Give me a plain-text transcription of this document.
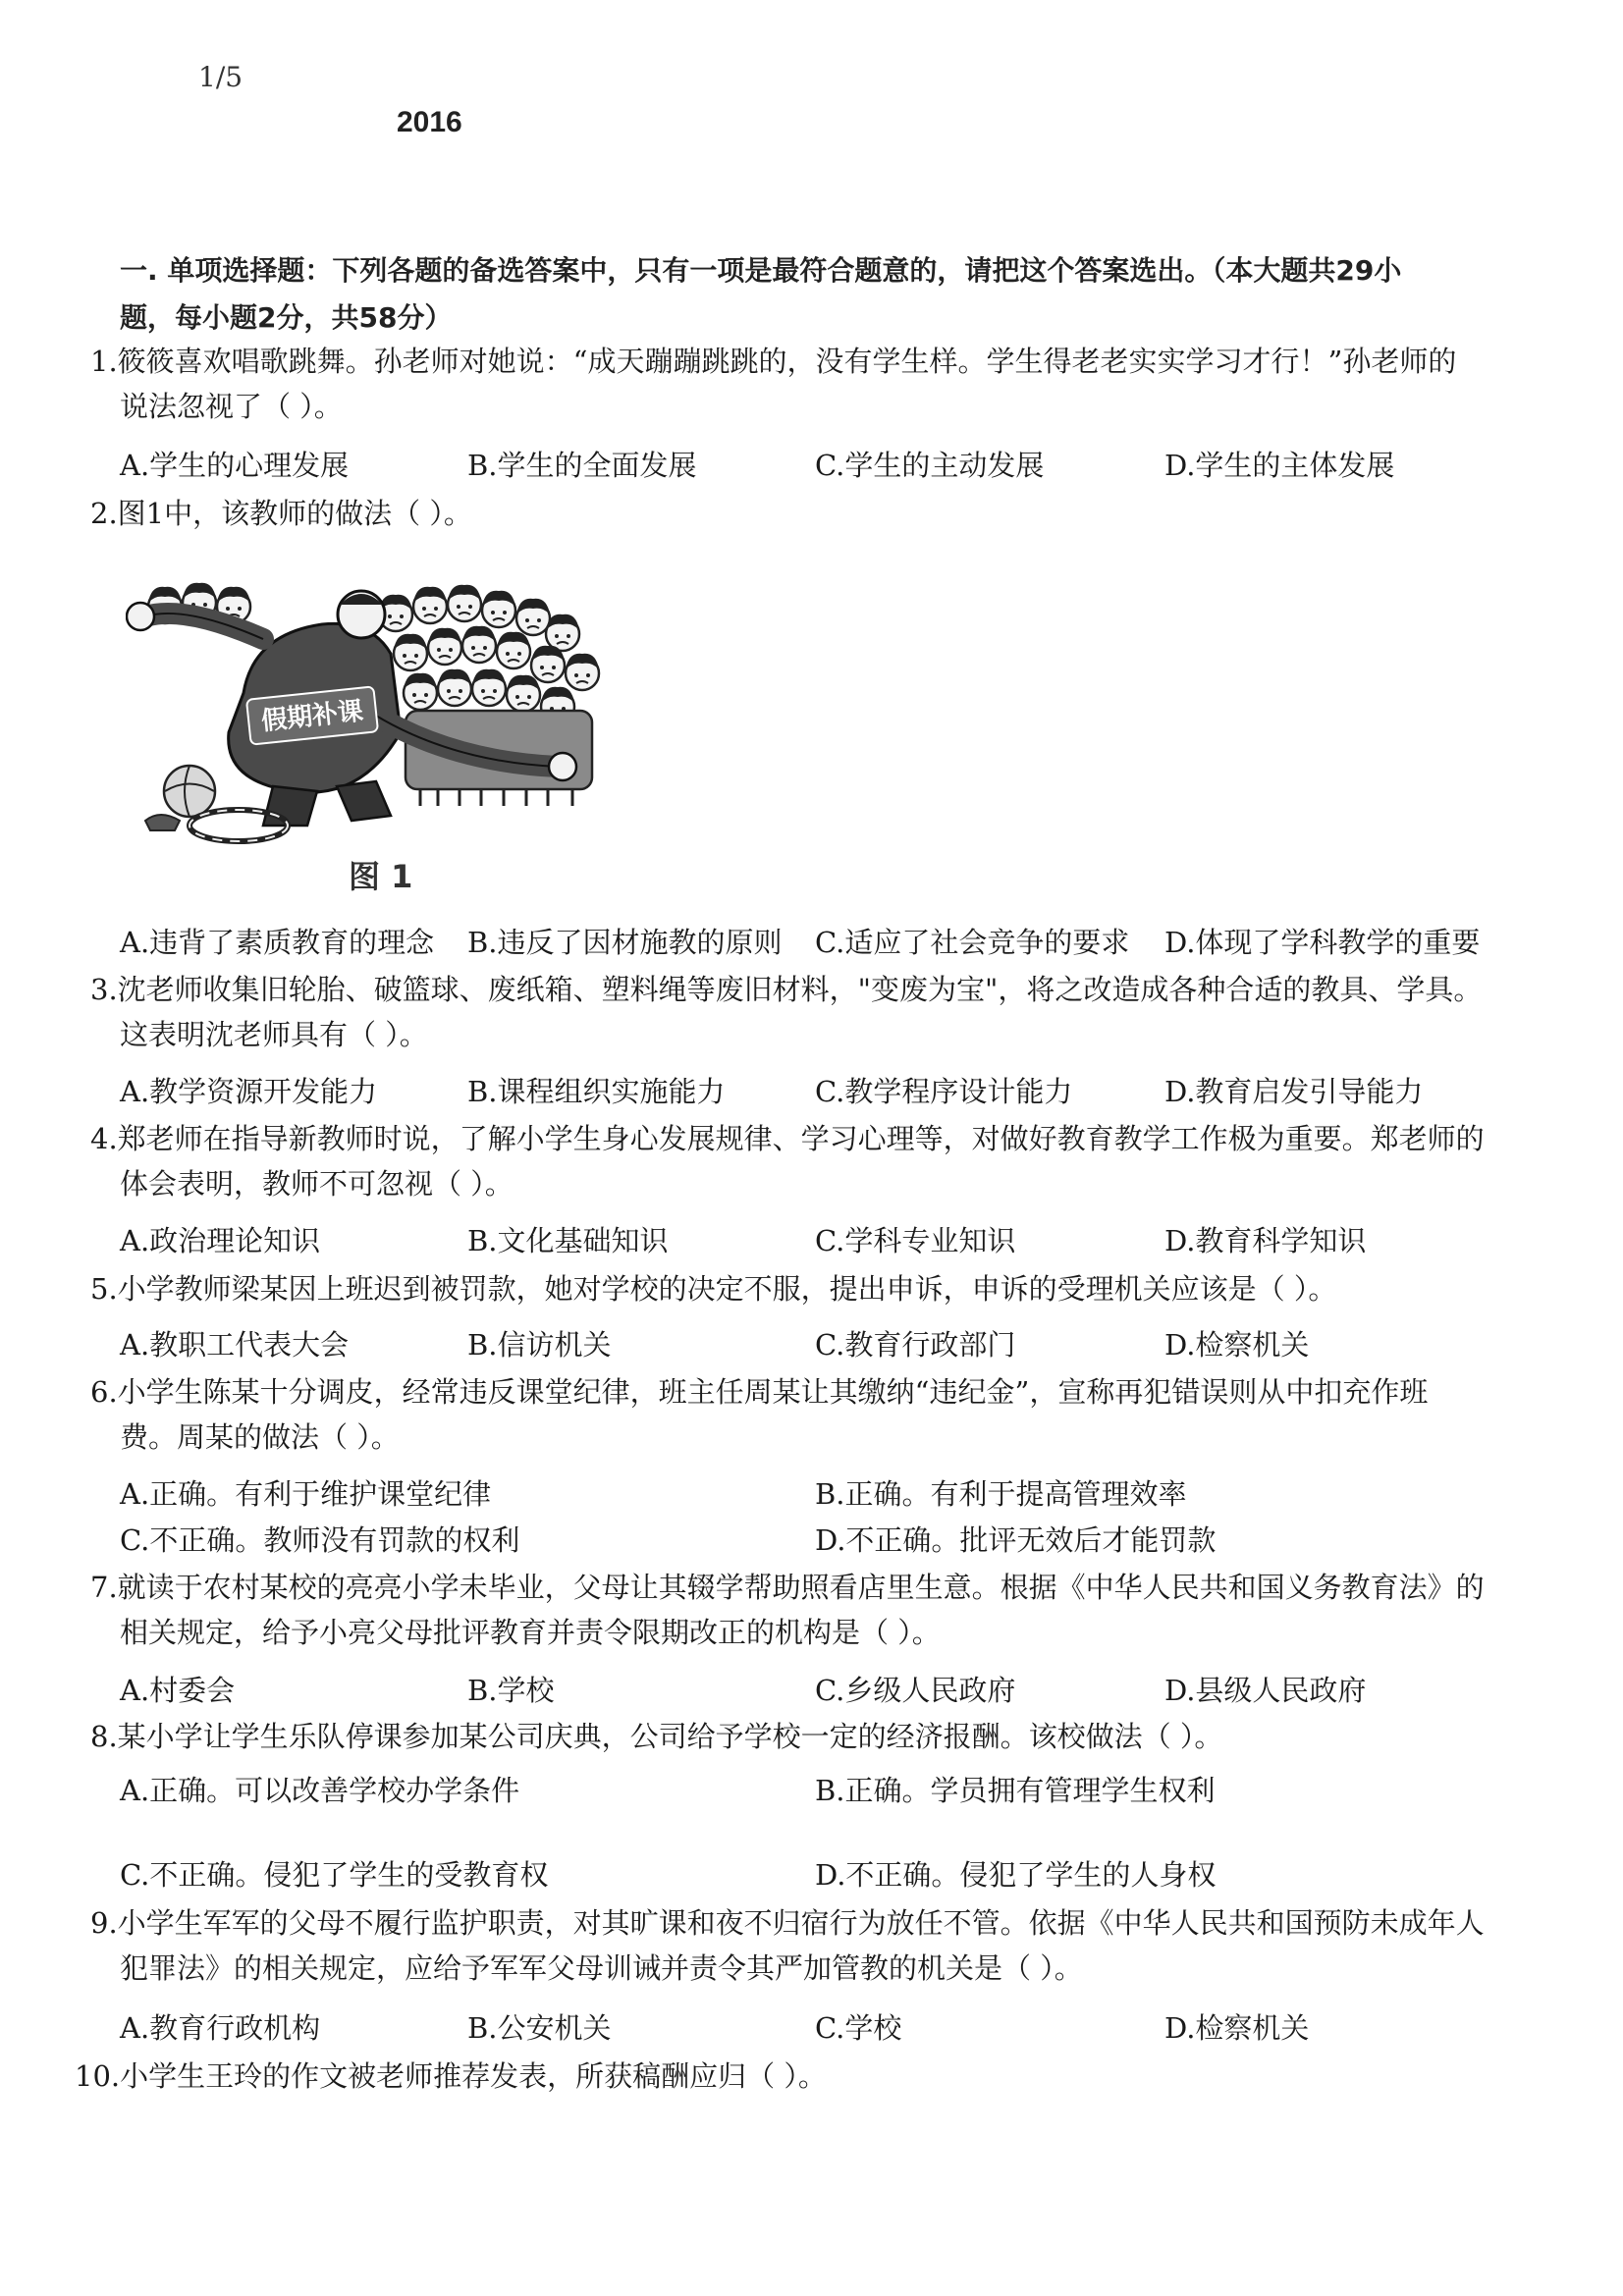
1/5
2016
一. 单项选择题：下列各题的备选答案中，只有一项是最符合题意的，请把这个答案选出。（本大题共29小
题，每小题2分，共58分）
1.筱筱喜欢唱歌跳舞。孙老师对她说：“成天蹦蹦跳跳的，没有学生样。学生得老老实实学习才行！”孙老师的
说法忽视了（ ）。
A.学生的心理发展	B.学生的全面发展	C.学生的主动发展	D.学生的主体发展
2.图1中，该教师的做法（ ）。
假期补课
图 1
A.违背了素质教育的理念 B.违反了因材施教的原则 C.适应了社会竞争的要求 D.体现了学科教学的重要
3.沈老师收集旧轮胎、破篮球、废纸箱、塑料绳等废旧材料，"变废为宝"，将之改造成各种合适的教具、学具。
这表明沈老师具有（ ）。
A.教学资源开发能力	B.课程组织实施能力	C.教学程序设计能力	D.教育启发引导能力
4.郑老师在指导新教师时说，了解小学生身心发展规律、学习心理等，对做好教育教学工作极为重要。郑老师的
体会表明，教师不可忽视（ ）。
A.政治理论知识	B.文化基础知识	C.学科专业知识	D.教育科学知识
5.小学教师梁某因上班迟到被罚款，她对学校的决定不服，提出申诉，申诉的受理机关应该是（ ）。
A.教职工代表大会	B.信访机关	C.教育行政部门	D.检察机关
6.小学生陈某十分调皮，经常违反课堂纪律，班主任周某让其缴纳“违纪金”，宣称再犯错误则从中扣充作班
费。周某的做法（ ）。
A.正确。有利于维护课堂纪律	B.正确。有利于提高管理效率
C.不正确。教师没有罚款的权利	D.不正确。批评无效后才能罚款
7.就读于农村某校的亮亮小学未毕业，父母让其辍学帮助照看店里生意。根据《中华人民共和国义务教育法》的
相关规定，给予小亮父母批评教育并责令限期改正的机构是（ ）。
A.村委会	B.学校	C.乡级人民政府	D.县级人民政府
8.某小学让学生乐队停课参加某公司庆典，公司给予学校一定的经济报酬。该校做法（ ）。
A.正确。可以改善学校办学条件	B.正确。学员拥有管理学生权利
C.不正确。侵犯了学生的受教育权	D.不正确。侵犯了学生的人身权
9.小学生军军的父母不履行监护职责，对其旷课和夜不归宿行为放任不管。依据《中华人民共和国预防未成年人
犯罪法》的相关规定，应给予军军父母训诫并责令其严加管教的机关是（ ）。
A.教育行政机构	B.公安机关	C.学校	D.检察机关
10.小学生王玲的作文被老师推荐发表，所获稿酬应归（ ）。
